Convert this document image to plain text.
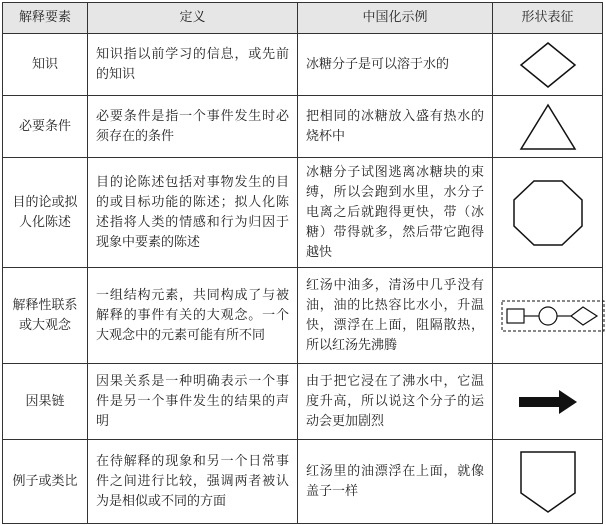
解释要素	定义	中国化示例	形状表征
知识	知识指以前学习的信息，或先前的知识	冰糖分子是可以溶于水的	

必要条件	必要条件是指一个事件发生时必须存在的条件	把相同的冰糖放入盛有热水的烧杯中	

目的论或拟人化陈述	目的论陈述包括对事物发生的目的或目标功能的陈述；拟人化陈述指将人类的情感和行为归因于现象中要素的陈述	冰糖分子试图逃离冰糖块的束缚，所以会跑到水里，水分子电离之后就跑得更快，带（冰糖）带得就多，然后带它跑得越快	

解释性联系或大观念	一组结构元素，共同构成了与被解释的事件有关的大观念。一个大观念中的元素可能有所不同	红汤中油多，清汤中几乎没有油，油的比热容比水小，升温快，漂浮在上面，阻隔散热，所以红汤先沸腾	

因果链	因果关系是一种明确表示一个事件是另一个事件发生的结果的声明	由于把它浸在了沸水中，它温度升高，所以说这个分子的运动会更加剧烈	

例子或类比	在待解释的现象和另一个日常事件之间进行比较，强调两者被认为是相似或不同的方面	红汤里的油漂浮在上面，就像盖子一样	
